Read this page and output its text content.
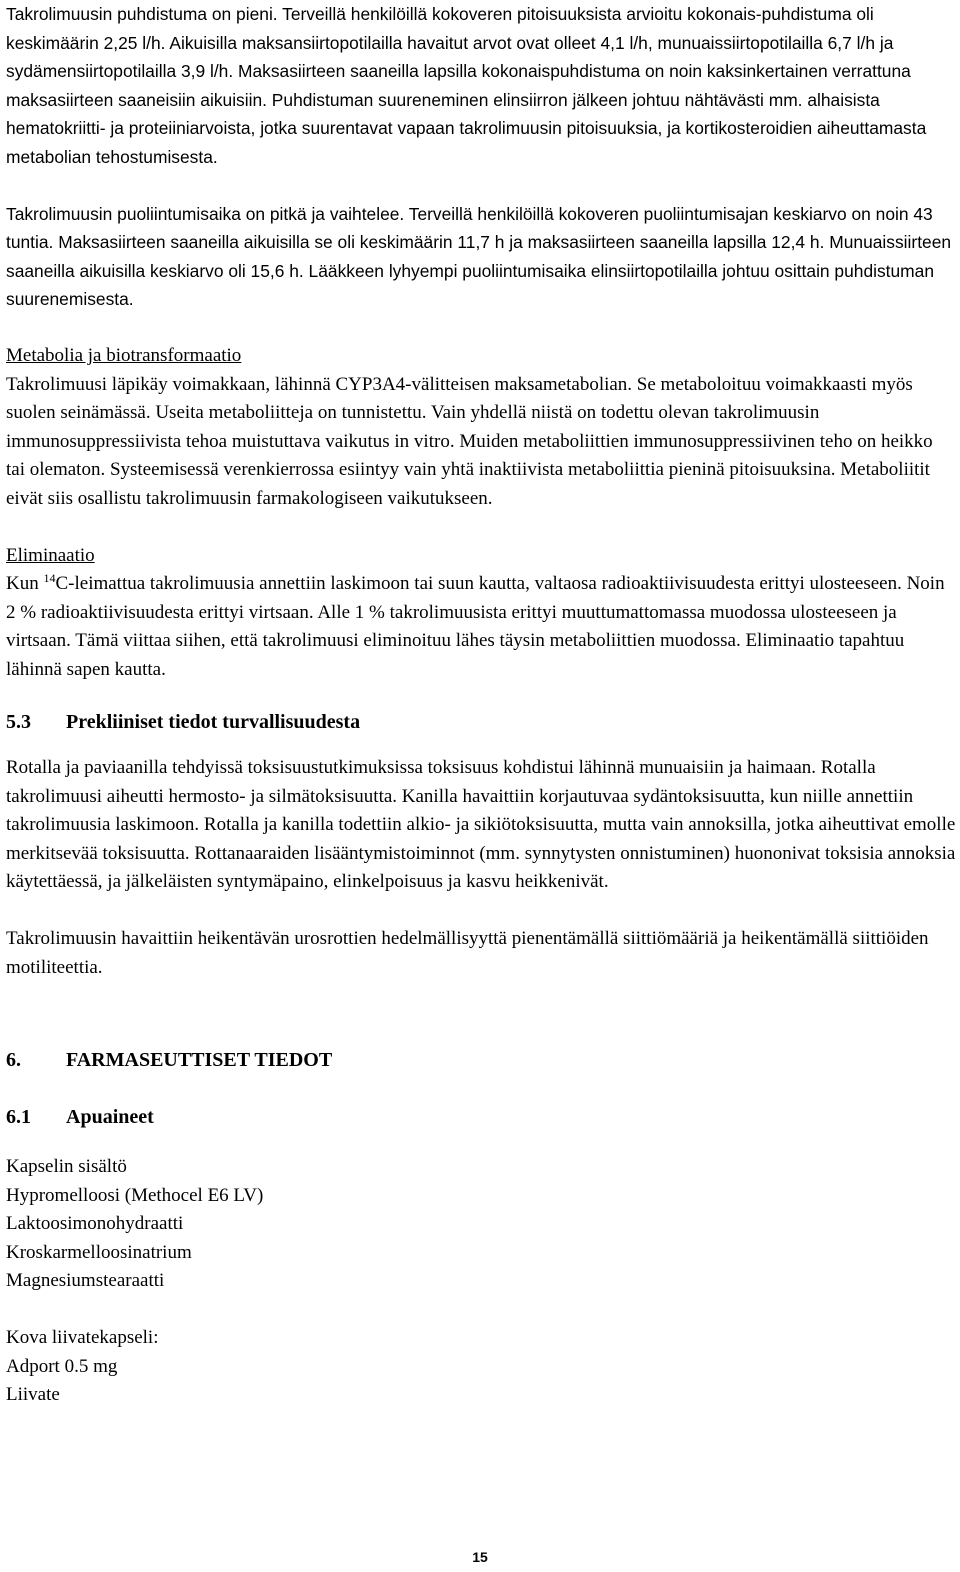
Takrolimuusin puhdistuma on pieni. Terveillä henkilöillä kokoveren pitoisuuksista arvioitu kokonais-puhdistuma oli keskimäärin 2,25 l/h. Aikuisilla maksansiirtopotilailla havaitut arvot ovat olleet 4,1 l/h, munuaissiirtopotilailla 6,7 l/h ja sydämensiirtopotilailla 3,9 l/h. Maksasiirteen saaneilla lapsilla kokonaispuhdistuma on noin kaksinkertainen verrattuna maksasiirteen saaneisiin aikuisiin. Puhdistuman suureneminen elinsiirron jälkeen johtuu nähtävästi mm. alhaisista hematokriitti- ja proteiiniarvoista, jotka suurentavat vapaan takrolimuusin pitoisuuksia, ja kortikosteroidien aiheuttamasta metabolian tehostumisesta.

Takrolimuusin puoliintumisaika on pitkä ja vaihtelee. Terveillä henkilöillä kokoveren puoliintumisajan keskiarvo on noin 43 tuntia. Maksasiirteen saaneilla aikuisilla se oli keskimäärin 11,7 h ja maksasiirteen saaneilla lapsilla 12,4 h. Munuaissiirteen saaneilla aikuisilla keskiarvo oli 15,6 h. Lääkkeen lyhyempi puoliintumisaika elinsiirtopotilailla johtuu osittain puhdistuman suurenemisesta.

Metabolia ja biotransformaatio

Takrolimuusi läpikäy voimakkaan, lähinnä CYP3A4-välitteisen maksametabolian. Se metaboloituu voimakkaasti myös suolen seinämässä. Useita metaboliitteja on tunnistettu. Vain yhdellä niistä on todettu olevan takrolimuusin immunosuppressiivista tehoa muistuttava vaikutus in vitro. Muiden metaboliittien immunosuppressiivinen teho on heikko tai olematon. Systeemisessä verenkierrossa esiintyy vain yhtä inaktiivista metaboliittia pieninä pitoisuuksina. Metaboliitit eivät siis osallistu takrolimuusin farmakologiseen vaikutukseen.

Eliminaatio

Kun $^{14}$C-leimattua takrolimuusia annettiin laskimoon tai suun kautta, valtaosa radioaktiivisuudesta erittyi ulosteeseen. Noin 2 % radioaktiivisuudesta erittyi virtsaan. Alle 1 % takrolimuusista erittyi muuttumattomassa muodossa ulosteeseen ja virtsaan. Tämä viittaa siihen, että takrolimuusi eliminoituu lähes täysin metaboliittien muodossa. Eliminaatio tapahtuu lähinnä sapen kautta.

5.3 Prekliiniset tiedot turvallisuudesta

Rotalla ja paviaanilla tehdyissä toksisuustutkimuksissa toksisuus kohdistui lähinnä munuaisiin ja haimaan. Rotalla takrolimuusi aiheutti hermosto- ja silmätoksisuutta. Kanilla havaittiin korjautuvaa sydäntoksisuutta, kun niille annettiin takrolimuusia laskimoon. Rotalla ja kanilla todettiin alkio- ja sikiötoksisuutta, mutta vain annoksilla, jotka aiheuttivat emolle merkitsevää toksisuutta. Rottanaaraiden lisääntymistoiminnot (mm. synnytysten onnistuminen) huononivat toksisia annoksia käytettäessä, ja jälkeläisten syntymäpaino, elinkelpoisuus ja kasvu heikkenivät.

Takrolimuusin havaittiin heikentävän urosrottien hedelmällisyyttä pienentämällä siittiömääriä ja heikentämällä siittiöiden motiliteettia.

6. FARMASEUTTISET TIEDOT

6.1 Apuaineet

Kapselin sisältö

Hypromelloosi (Methocel E6 LV)

Laktoosimonohydraatti

Kroskarmelloosinatrium

Magnesiumstearaatti

Kova liivatekapseli:

Adport 0.5 mg

Liivate

15
